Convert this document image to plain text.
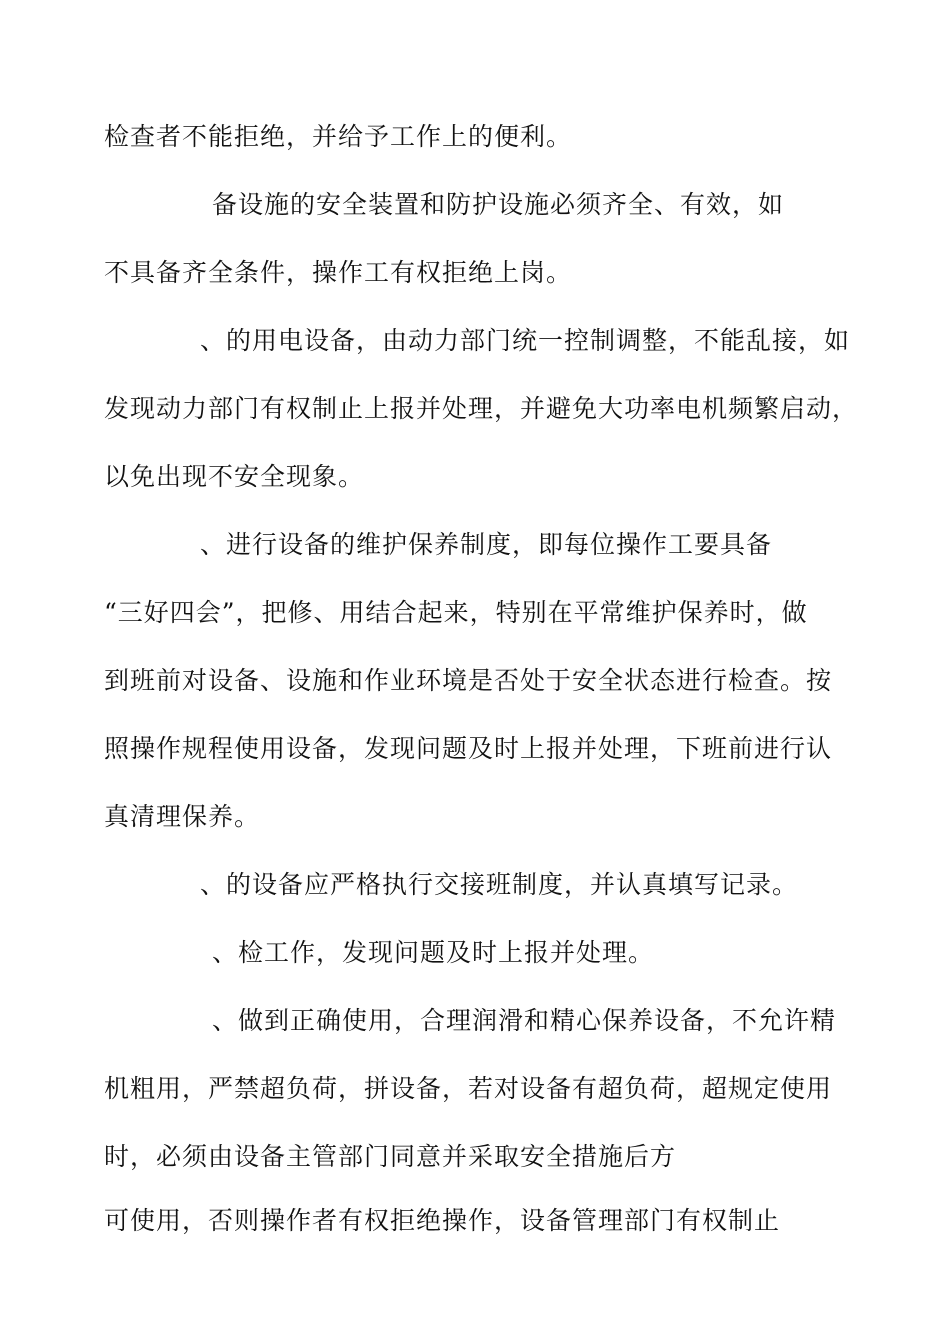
检查者不能拒绝，并给予工作上的便利。
备设施的安全装置和防护设施必须齐全、有效，如
不具备齐全条件，操作工有权拒绝上岗。
、的用电设备，由动力部门统一控制调整，不能乱接，如
发现动力部门有权制止上报并处理，并避免大功率电机频繁启动，
以免出现不安全现象。
、进行设备的维护保养制度，即每位操作工要具备
“三好四会”，把修、用结合起来，特别在平常维护保养时，做
到班前对设备、设施和作业环境是否处于安全状态进行检查。按
照操作规程使用设备，发现问题及时上报并处理，下班前进行认
真清理保养。
、的设备应严格执行交接班制度，并认真填写记录。
、检工作，发现问题及时上报并处理。
、做到正确使用，合理润滑和精心保养设备，不允许精
机粗用，严禁超负荷，拼设备，若对设备有超负荷，超规定使用
时，必须由设备主管部门同意并采取安全措施后方
可使用，否则操作者有权拒绝操作，设备管理部门有权制止
